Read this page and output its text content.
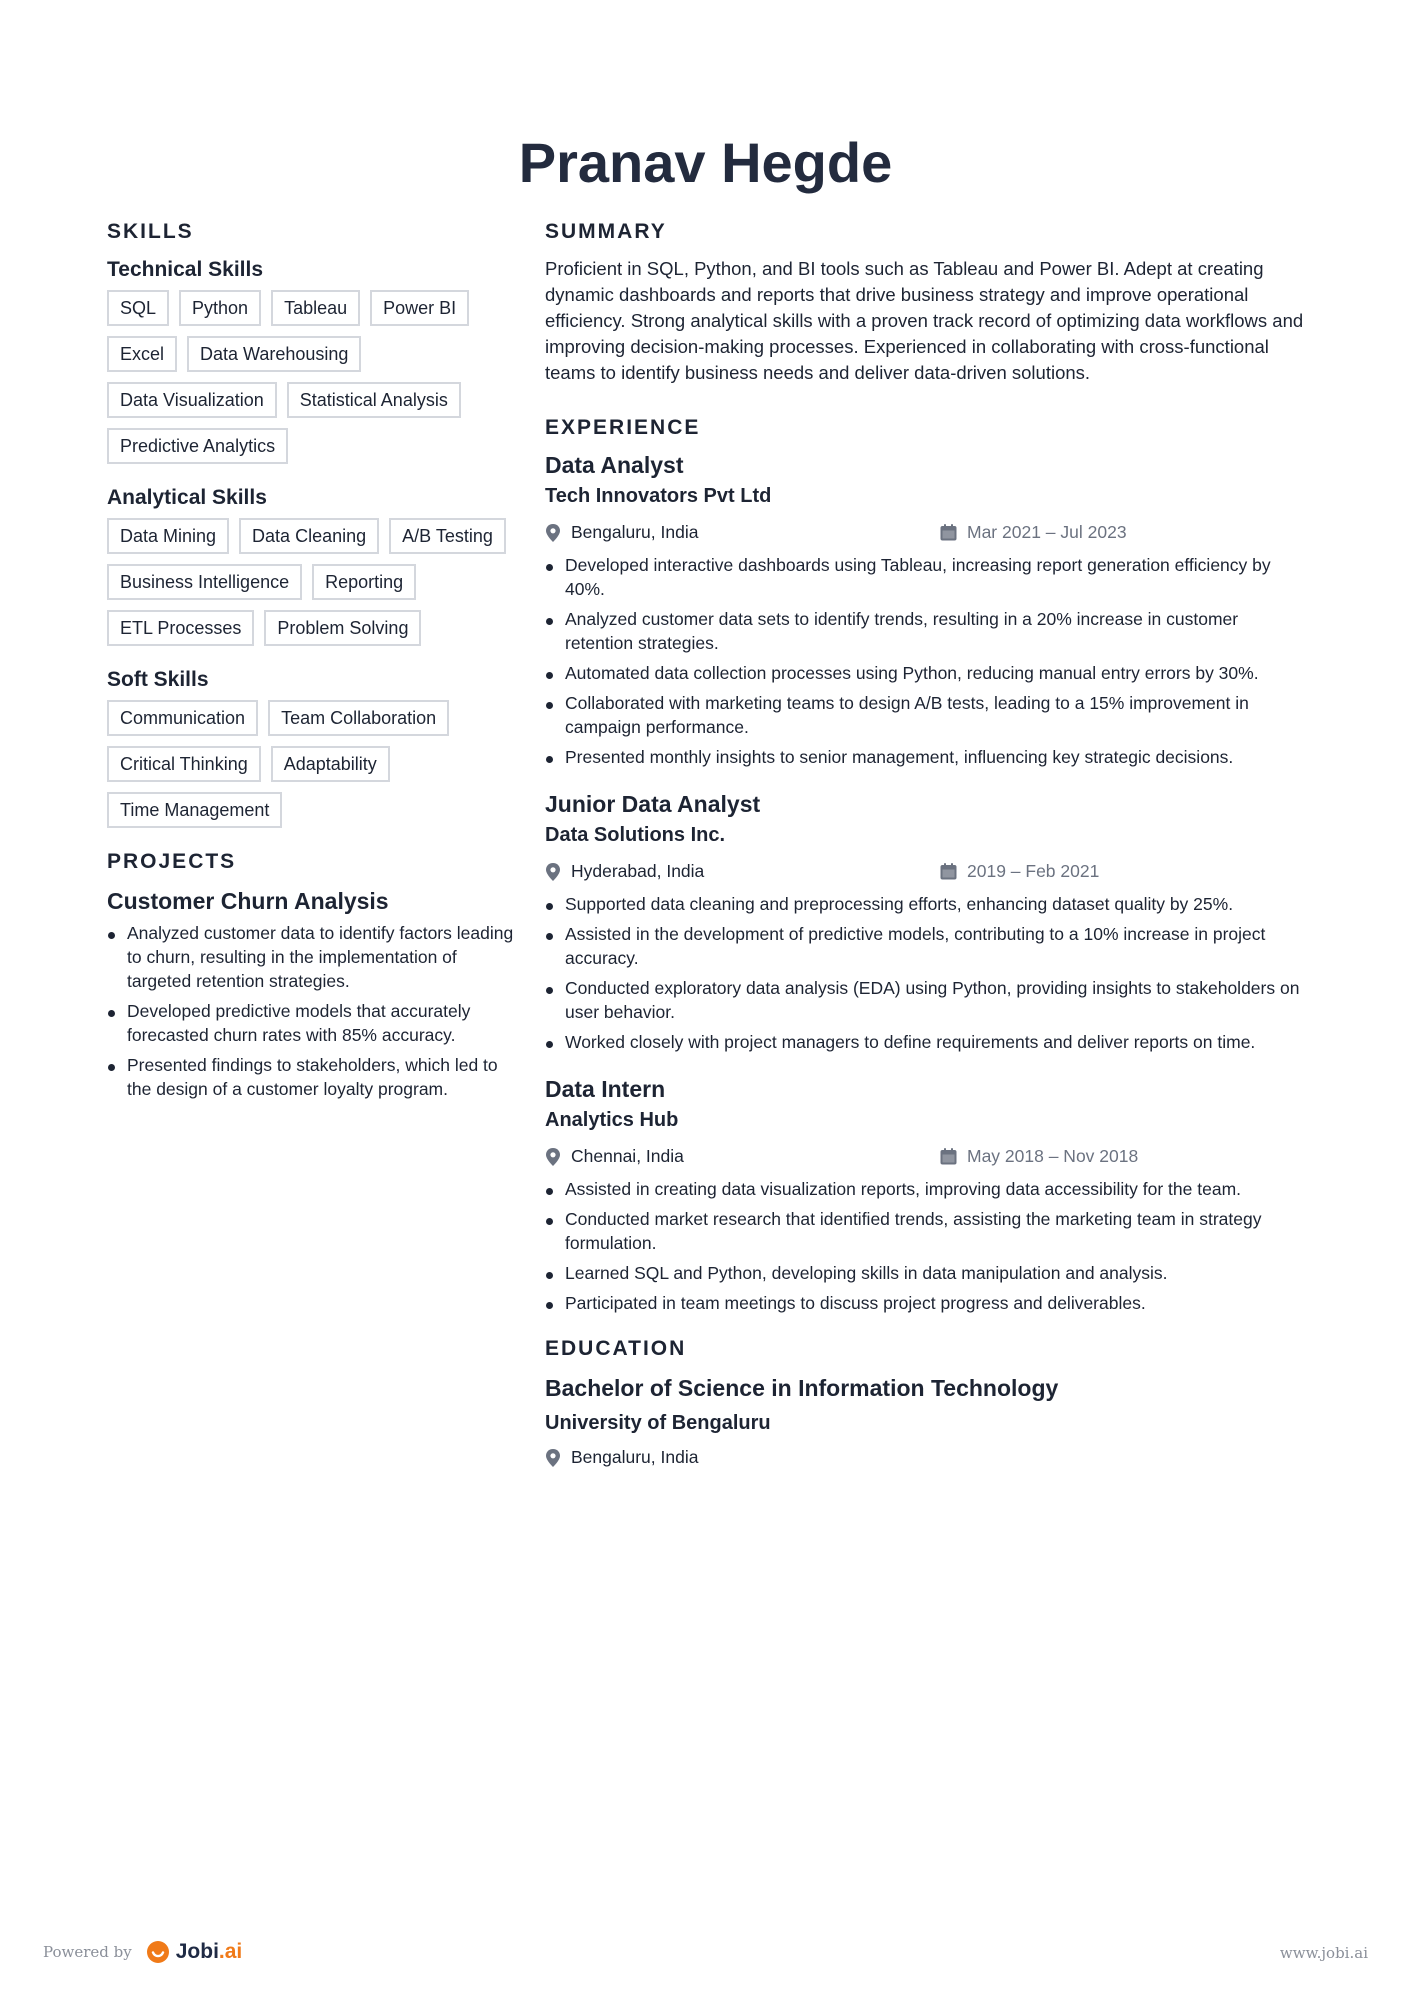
Pranav Hegde
SKILLS
Technical Skills
SQL	Python	Tableau	Power BI
Excel	Data Warehousing
Data Visualization	Statistical Analysis
Predictive Analytics
Analytical Skills
Data Mining	Data Cleaning	A/B Testing
Business Intelligence	Reporting
ETL Processes	Problem Solving
Soft Skills
Communication	Team Collaboration
Critical Thinking	Adaptability
Time Management
PROJECTS
Customer Churn Analysis
Analyzed customer data to identify factors leading to churn, resulting in the implementation of targeted retention strategies.
Developed predictive models that accurately forecasted churn rates with 85% accuracy.
Presented findings to stakeholders, which led to the design of a customer loyalty program.
SUMMARY

Proficient in SQL, Python, and BI tools such as Tableau and Power BI. Adept at creating dynamic dashboards and reports that drive business strategy and improve operational efficiency. Strong analytical skills with a proven track record of optimizing data workflows and improving decision-making processes. Experienced in collaborating with cross-functional teams to identify business needs and deliver data-driven solutions.

EXPERIENCE
Data Analyst
Tech Innovators Pvt Ltd
Bengaluru, India	Mar 2021 – Jul 2023
Developed interactive dashboards using Tableau, increasing report generation efficiency by 40%.
Analyzed customer data sets to identify trends, resulting in a 20% increase in customer retention strategies.
Automated data collection processes using Python, reducing manual entry errors by 30%.
Collaborated with marketing teams to design A/B tests, leading to a 15% improvement in campaign performance.
Presented monthly insights to senior management, influencing key strategic decisions.
Junior Data Analyst
Data Solutions Inc.
Hyderabad, India	2019 – Feb 2021
Supported data cleaning and preprocessing efforts, enhancing dataset quality by 25%.
Assisted in the development of predictive models, contributing to a 10% increase in project accuracy.
Conducted exploratory data analysis (EDA) using Python, providing insights to stakeholders on user behavior.
Worked closely with project managers to define requirements and deliver reports on time.
Data Intern
Analytics Hub
Chennai, India	May 2018 – Nov 2018
Assisted in creating data visualization reports, improving data accessibility for the team.
Conducted market research that identified trends, assisting the marketing team in strategy formulation.
Learned SQL and Python, developing skills in data manipulation and analysis.
Participated in team meetings to discuss project progress and deliverables.
EDUCATION
Bachelor of Science in Information Technology
University of Bengaluru
Bengaluru, India
Powered by Jobi.ai	www.jobi.ai
